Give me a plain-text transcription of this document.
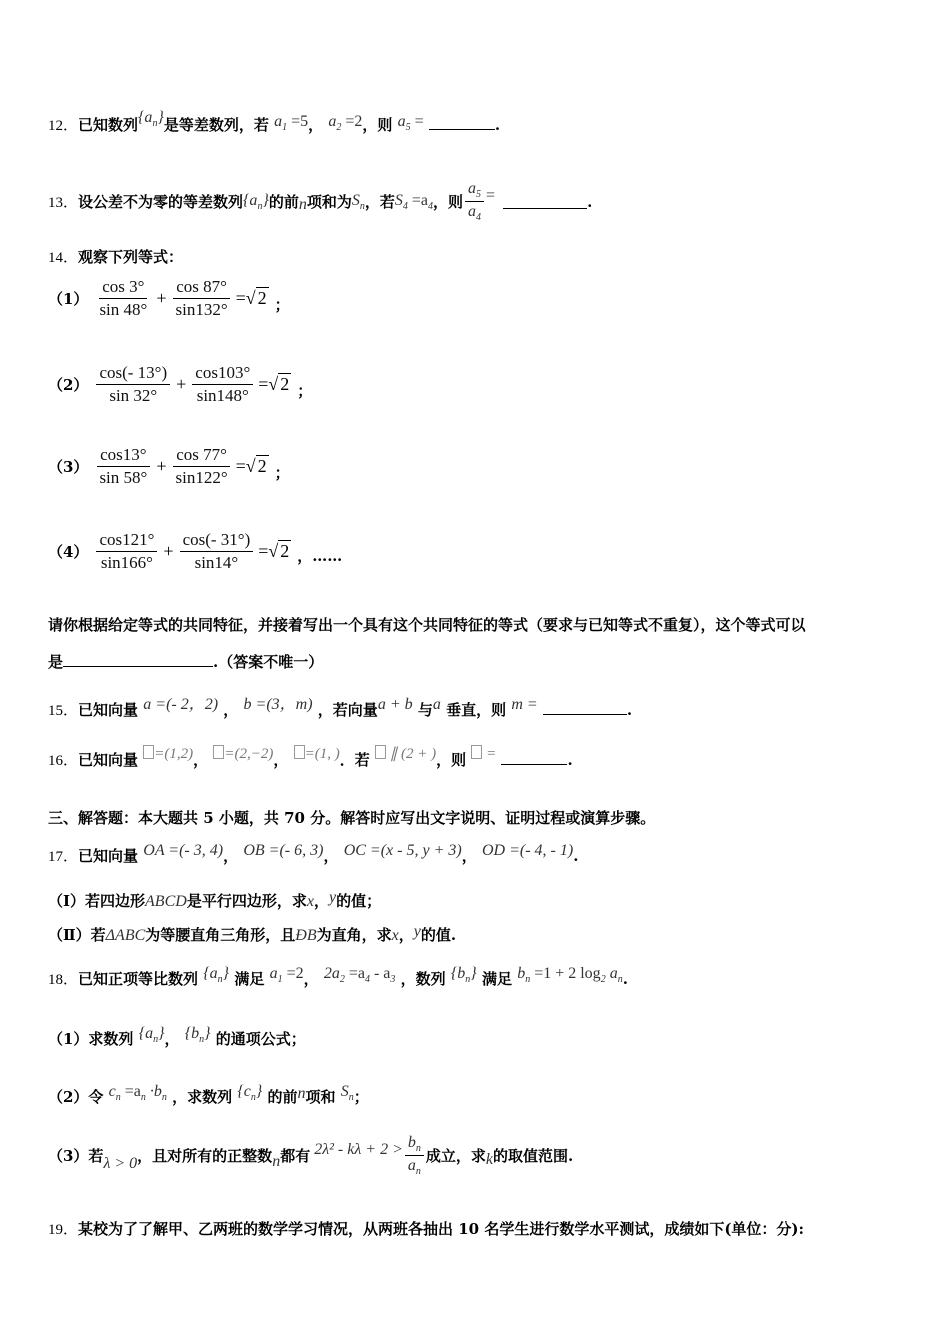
12．已知数列$\{a_n\}$是等差数列，若 $a_1 =5$， $a_2 =2$，则 $a_5$ =	.
13． 设公差不为零的等差数列 $\{a_n\}$ 的前 n 项和为 $S_n$ ，若 $S_4 =a_4$ ，则 $\frac{a_5}{a_4}$ =	.
14．观察下列等式：
$(1) \frac{\cos 3^\circ}{\sin 48^\circ} + \frac{\cos 87^\circ}{\sin 132^\circ}$ =√ 2 ；
$(2) \frac{\cos(- 13^\circ)}{\sin 32^\circ} + \frac{\cos 103^\circ}{\sin 148^\circ}$ =√ 2 ；
$(3) \frac{\cos 13^\circ}{\sin 58^\circ} + \frac{\cos 77^\circ}{\sin 122^\circ}$ =√ 2 ；
$(4) \frac{\cos 121^\circ}{\sin 166^\circ} + \frac{\cos(- 31^\circ)}{\sin 14^\circ}$ =√ 2 ，……
请你根据给定等式的共同特征，并接着写出一个具有这个共同特征的等式（要求与已知等式不重复），这个等式可以
是	.（答案不唯一）
15．已知向量 a =(- 2，2) ， b =(3，m) ，若向量a + b 与a 垂直，则 m =	.
16．已知向量 =(1,2)， =(2,−2)， =(1, )．若  ∥ (2 + )，则  =	.
三、解答题：本大题共 5 小题，共 70 分。解答时应写出文字说明、证明过程或演算步骤。
17．已知向量 OA =(- 3, 4)， OB =(- 6, 3)， OC =(x - 5, y + 3)， OD =(- 4, - 1).
（Ⅰ）若四边形ABCD是平行四边形，求x，y的值；
（Ⅱ）若ΔABC为等腰直角三角形，且ÐB为直角，求x，y的值.
18．已知正项等比数列 $\{a_n\}$ 满足 $a_1 =2$， $2a_2 =a_4 - a_3$ ，数列 $\{b_n\}$ 满足 $b_n =1 + 2$ $\log_2 a_n$.
（1）求数列 $\{a_n\}$， $\{b_n\}$ 的通项公式；
（2）令 $c_n =a_n \cdot b_n$ ，求数列 $\{c_n\}$ 的前n项和 $S_n$；
（3）若 λ > 0 ，且对所有的正整数 n 都有 $2\lambda^2 - k\lambda + 2 > \frac{b_n}{a_n}$ 成立，求 k 的取值范围.
19．某校为了了解甲、乙两班的数学学习情况，从两班各抽出 10 名学生进行数学水平测试，成绩如下(单位：分):
